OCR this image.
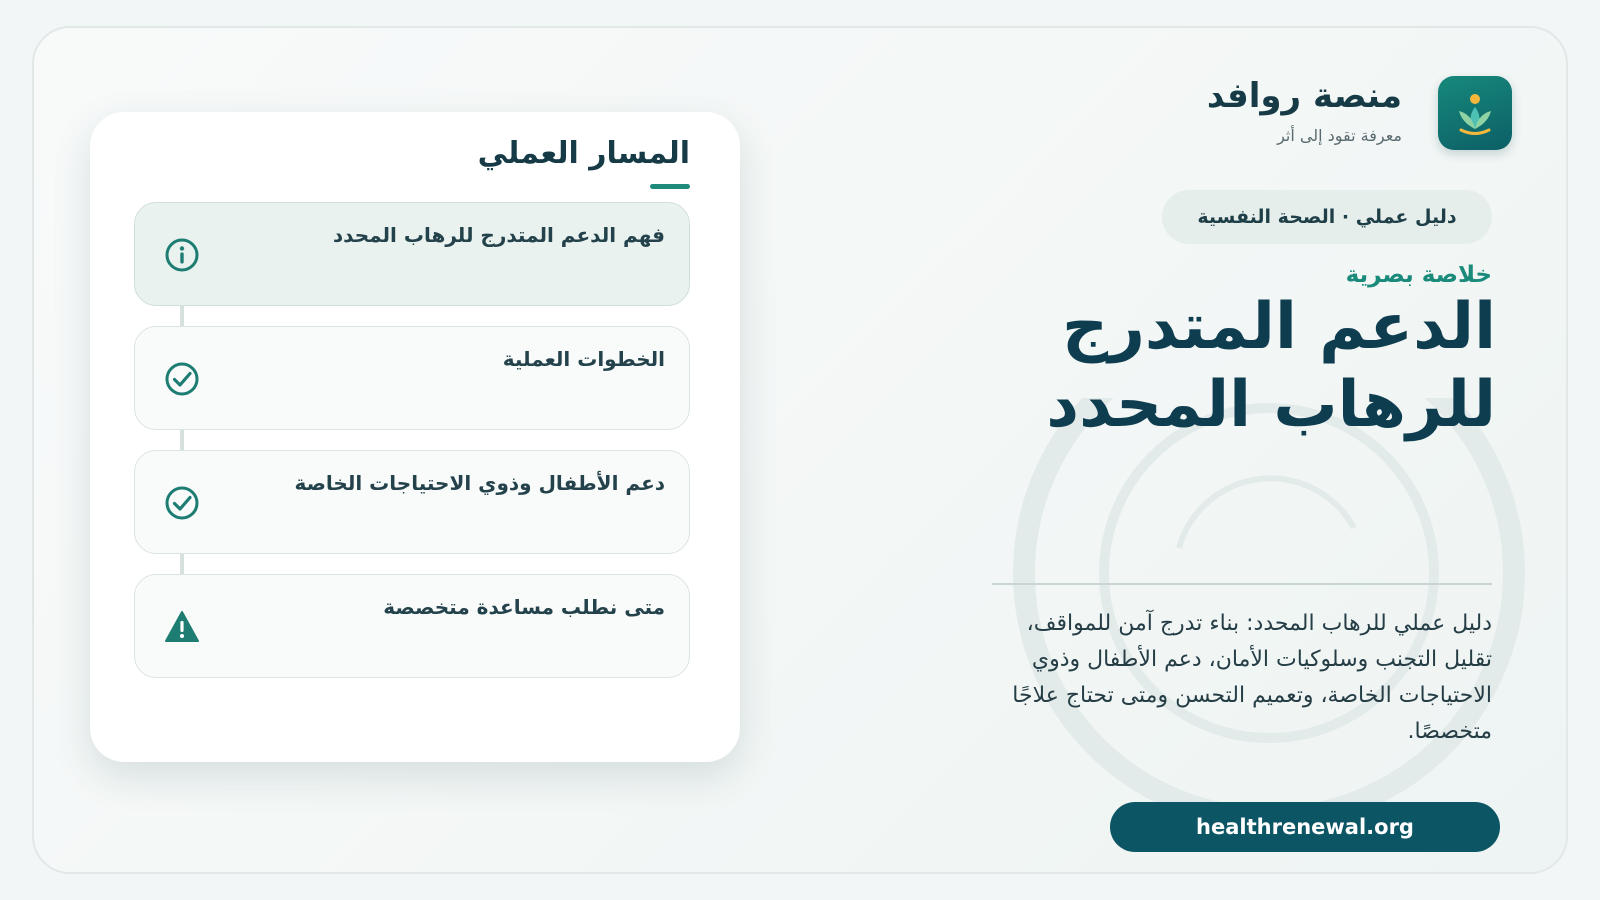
منصة روافد
معرفة تقود إلى أثر
دليل عملي · الصحة النفسية
خلاصة بصرية
الدعم المتدرج
للرهاب المحدد
دليل عملي للرهاب المحدد: بناء تدرج آمن للمواقف، تقليل التجنب وسلوكيات الأمان، دعم الأطفال وذوي الاحتياجات الخاصة، وتعميم التحسن ومتى تحتاج علاجًا متخصصًا.
healthrenewal.org
المسار العملي
فهم الدعم المتدرج للرهاب المحدد
الخطوات العملية
دعم الأطفال وذوي الاحتياجات الخاصة
متى نطلب مساعدة متخصصة
